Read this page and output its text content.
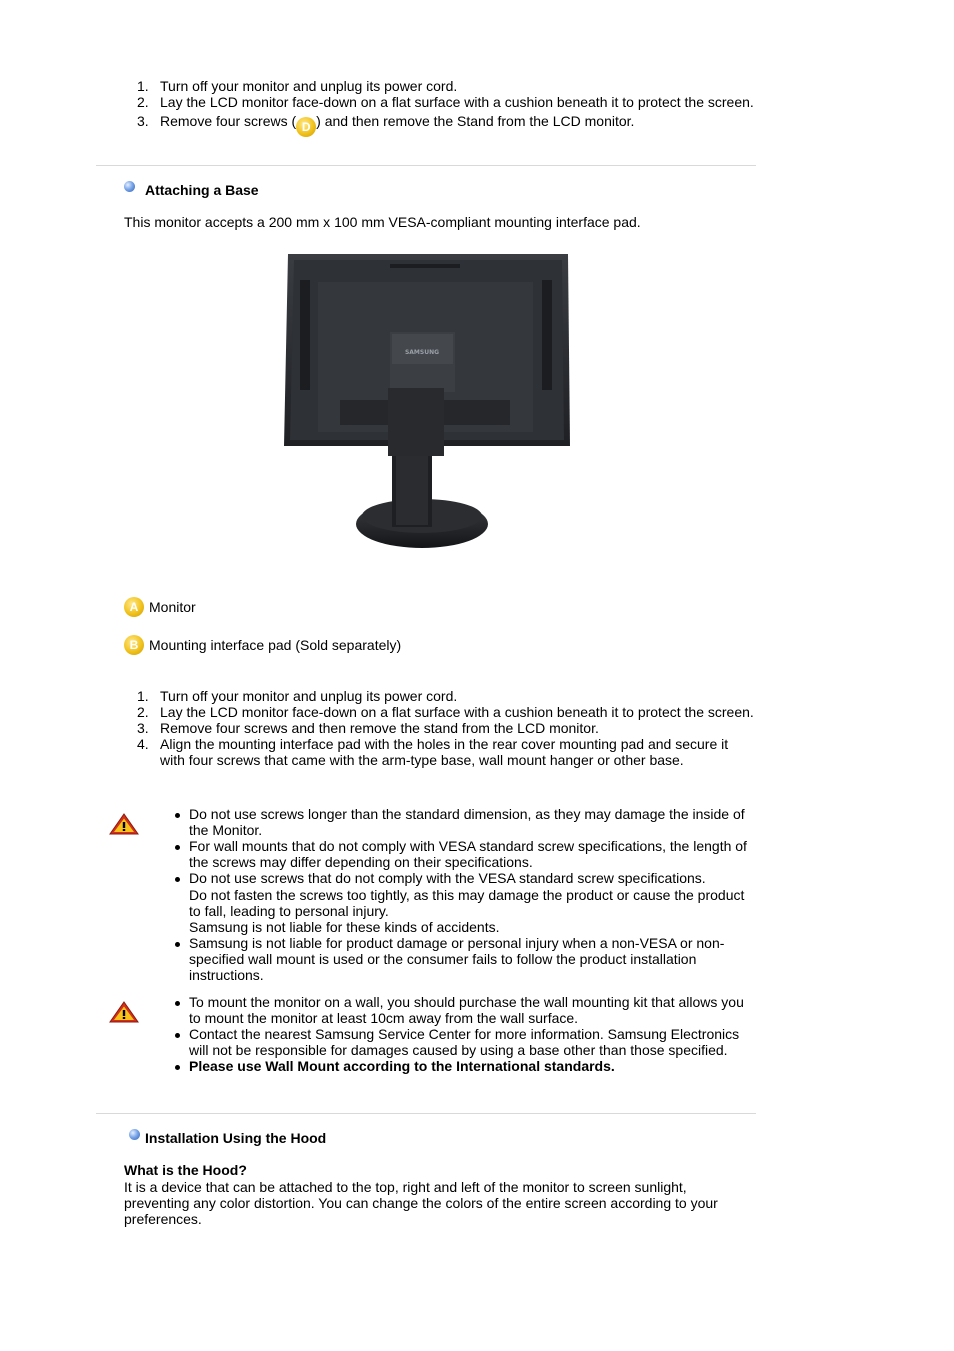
1. Turn off your monitor and unplug its power cord.
2. Lay the LCD monitor face-down on a flat surface with a cushion beneath it to protect the screen.
3. Remove four screws ( D ) and then remove the Stand from the LCD monitor.
Attaching a Base
This monitor accepts a 200 mm x 100 mm VESA-compliant mounting interface pad.
SAMSUNG
A Monitor
B Mounting interface pad (Sold separately)
1. Turn off your monitor and unplug its power cord.
2. Lay the LCD monitor face-down on a flat surface with a cushion beneath it to protect the screen.
3. Remove four screws and then remove the stand from the LCD monitor.
4. Align the mounting interface pad with the holes in the rear cover mounting pad and secure it with four screws that came with the arm-type base, wall mount hanger or other base.
Do not use screws longer than the standard dimension, as they may damage the inside of the Monitor.
For wall mounts that do not comply with VESA standard screw specifications, the length of the screws may differ depending on their specifications.
Do not use screws that do not comply with the VESA standard screw specifications.

Do not fasten the screws too tightly, as this may damage the product or cause the product to fall, leading to personal injury.
Samsung is not liable for these kinds of accidents.
Samsung is not liable for product damage or personal injury when a non-VESA or non-specified wall mount is used or the consumer fails to follow the product installation instructions.
To mount the monitor on a wall, you should purchase the wall mounting kit that allows you to mount the monitor at least 10cm away from the wall surface.
Contact the nearest Samsung Service Center for more information. Samsung Electronics will not be responsible for damages caused by using a base other than those specified.
Please use Wall Mount according to the International standards.
Installation Using the Hood
What is the Hood?
It is a device that can be attached to the top, right and left of the monitor to screen sunlight, preventing any color distortion. You can change the colors of the entire screen according to your preferences.
